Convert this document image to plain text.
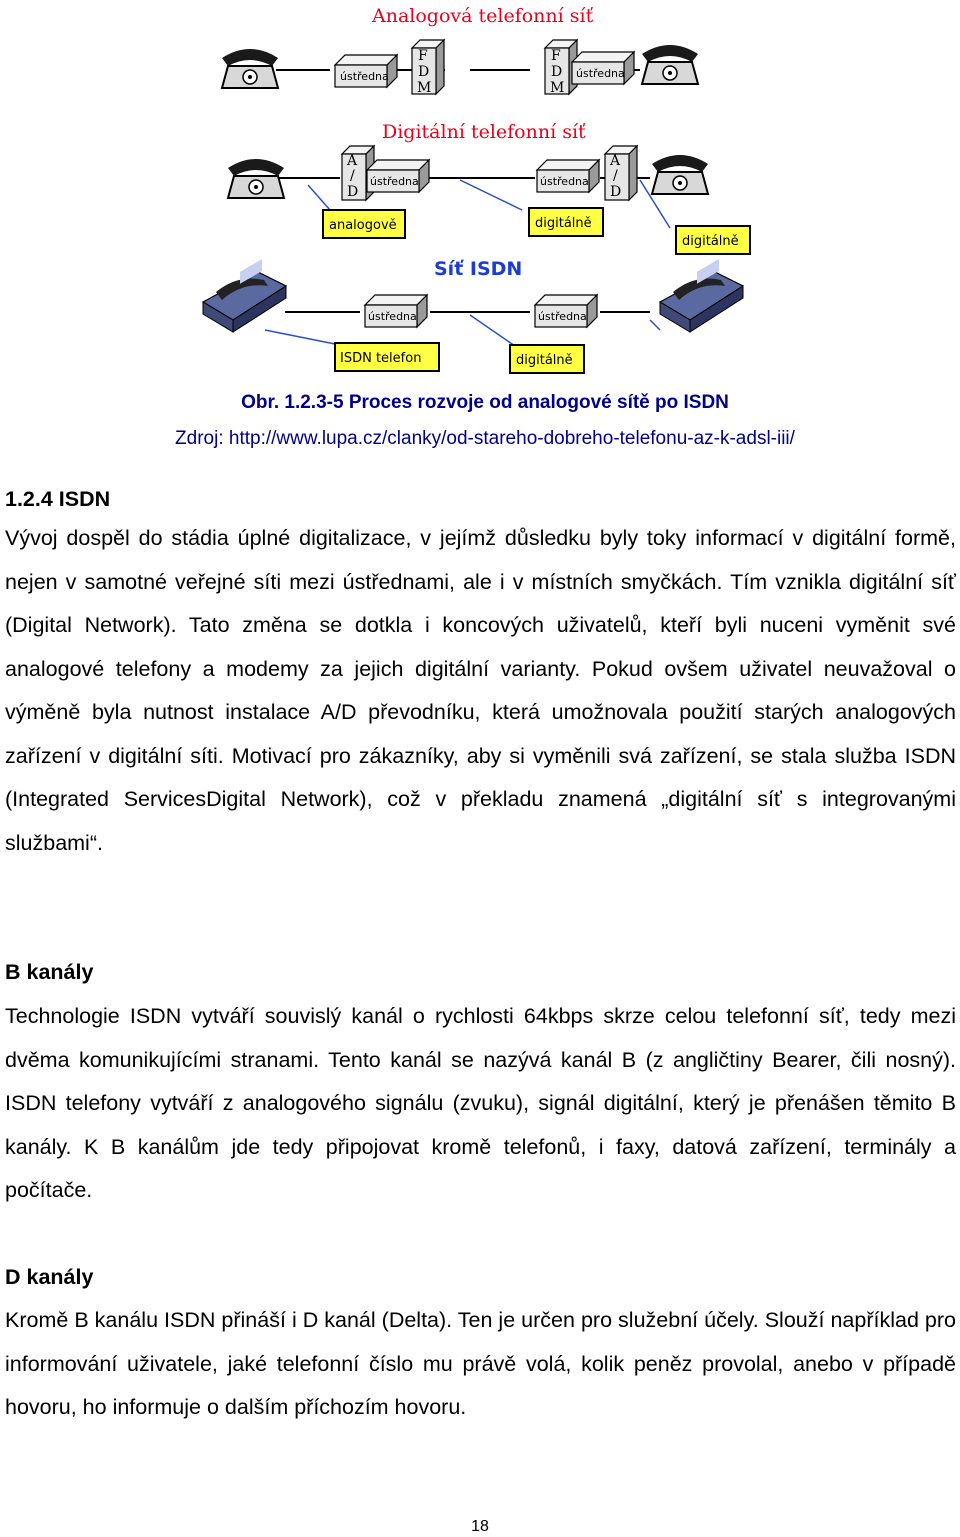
Analogová telefonní síť
ústředna
F
D
M
F
D
M
ústředna
Digitální telefonní síť
A
/
D
ústředna	ústředna
A
/
D
analogově	digitálně
digitálně
Síť ISDN
ústředna	ústředna
ISDN telefon	digitálně
Obr. 1.2.3-5 Proces rozvoje od analogové sítě po ISDN
Zdroj: http://www.lupa.cz/clanky/od-stareho-dobreho-telefonu-az-k-adsl-iii/
1.2.4 ISDN

Vývoj dospěl do stádia úplné digitalizace, v jejímž důsledku byly toky informací v digitální formě, nejen v samotné veřejné síti mezi ústřednami, ale i v místních smyčkách. Tím vznikla digitální síť (Digital Network). Tato změna se dotkla i koncových uživatelů, kteří byli nuceni vyměnit své analogové telefony a modemy za jejich digitální varianty. Pokud ovšem uživatel neuvažoval o výměně byla nutnost instalace A/D převodníku, která umožnovala použití starých analogových zařízení v digitální síti. Motivací pro zákazníky, aby si vyměnili svá zařízení, se stala služba ISDN (Integrated ServicesDigital Network), což v překladu znamená „digitální síť s integrovanými službami“.

B kanály

Technologie ISDN vytváří souvislý kanál o rychlosti 64kbps skrze celou telefonní síť, tedy mezi dvěma komunikujícími stranami. Tento kanál se nazývá kanál B (z angličtiny Bearer, čili nosný). ISDN telefony vytváří z analogového signálu (zvuku), signál digitální, který je přenášen těmito B kanály. K B kanálům jde tedy připojovat kromě telefonů, i faxy, datová zařízení, terminály a počítače.

D kanály

Kromě B kanálu ISDN přináší i D kanál (Delta). Ten je určen pro služební účely. Slouží například pro informování uživatele, jaké telefonní číslo mu právě volá, kolik peněz provolal, anebo v případě hovoru, ho informuje o dalším příchozím hovoru.

18
